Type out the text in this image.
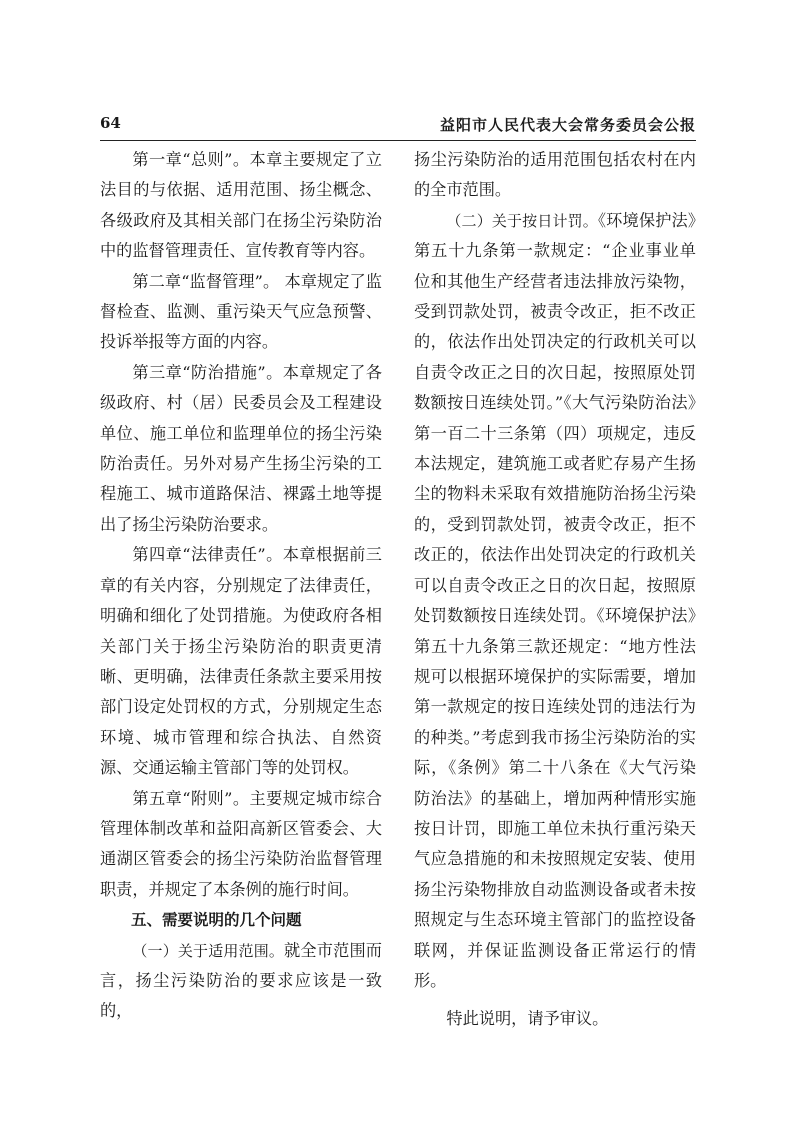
64	益阳市人民代表大会常务委员会公报

第一章“总则”。本章主要规定了立法目的与依据、适用范围、扬尘概念、各级政府及其相关部门在扬尘污染防治中的监督管理责任、宣传教育等内容。

第二章“监督管理”。 本章规定了监督检查、监测、重污染天气应急预警、投诉举报等方面的内容。

第三章“防治措施”。本章规定了各级政府、村（居）民委员会及工程建设单位、施工单位和监理单位的扬尘污染防治责任。另外对易产生扬尘污染的工程施工、城市道路保洁、裸露土地等提出了扬尘污染防治要求。

第四章“法律责任”。本章根据前三章的有关内容，分别规定了法律责任，明确和细化了处罚措施。为使政府各相关部门关于扬尘污染防治的职责更清晰、更明确，法律责任条款主要采用按部门设定处罚权的方式，分别规定生态环境、城市管理和综合执法、自然资源、交通运输主管部门等的处罚权。

第五章“附则”。主要规定城市综合管理体制改革和益阳高新区管委会、大通湖区管委会的扬尘污染防治监督管理职责，并规定了本条例的施行时间。

五、需要说明的几个问题

（一）关于适用范围。就全市范围而言，扬尘污染防治的要求应该是一致的，

扬尘污染防治的适用范围包括农村在内的全市范围。

（二）关于按日计罚。《环境保护法》第五十九条第一款规定：“企业事业单位和其他生产经营者违法排放污染物，受到罚款处罚，被责令改正，拒不改正的，依法作出处罚决定的行政机关可以自责令改正之日的次日起，按照原处罚数额按日连续处罚。”《大气污染防治法》第一百二十三条第（四）项规定，违反本法规定，建筑施工或者贮存易产生扬尘的物料未采取有效措施防治扬尘污染的，受到罚款处罚，被责令改正，拒不改正的，依法作出处罚决定的行政机关可以自责令改正之日的次日起，按照原处罚数额按日连续处罚。《环境保护法》第五十九条第三款还规定：“地方性法规可以根据环境保护的实际需要，增加第一款规定的按日连续处罚的违法行为的种类。”考虑到我市扬尘污染防治的实际，《条例》第二十八条在《大气污染防治法》的基础上，增加两种情形实施按日计罚，即施工单位未执行重污染天气应急措施的和未按照规定安装、使用扬尘污染物排放自动监测设备或者未按照规定与生态环境主管部门的监控设备联网，并保证监测设备正常运行的情形。

特此说明，请予审议。
